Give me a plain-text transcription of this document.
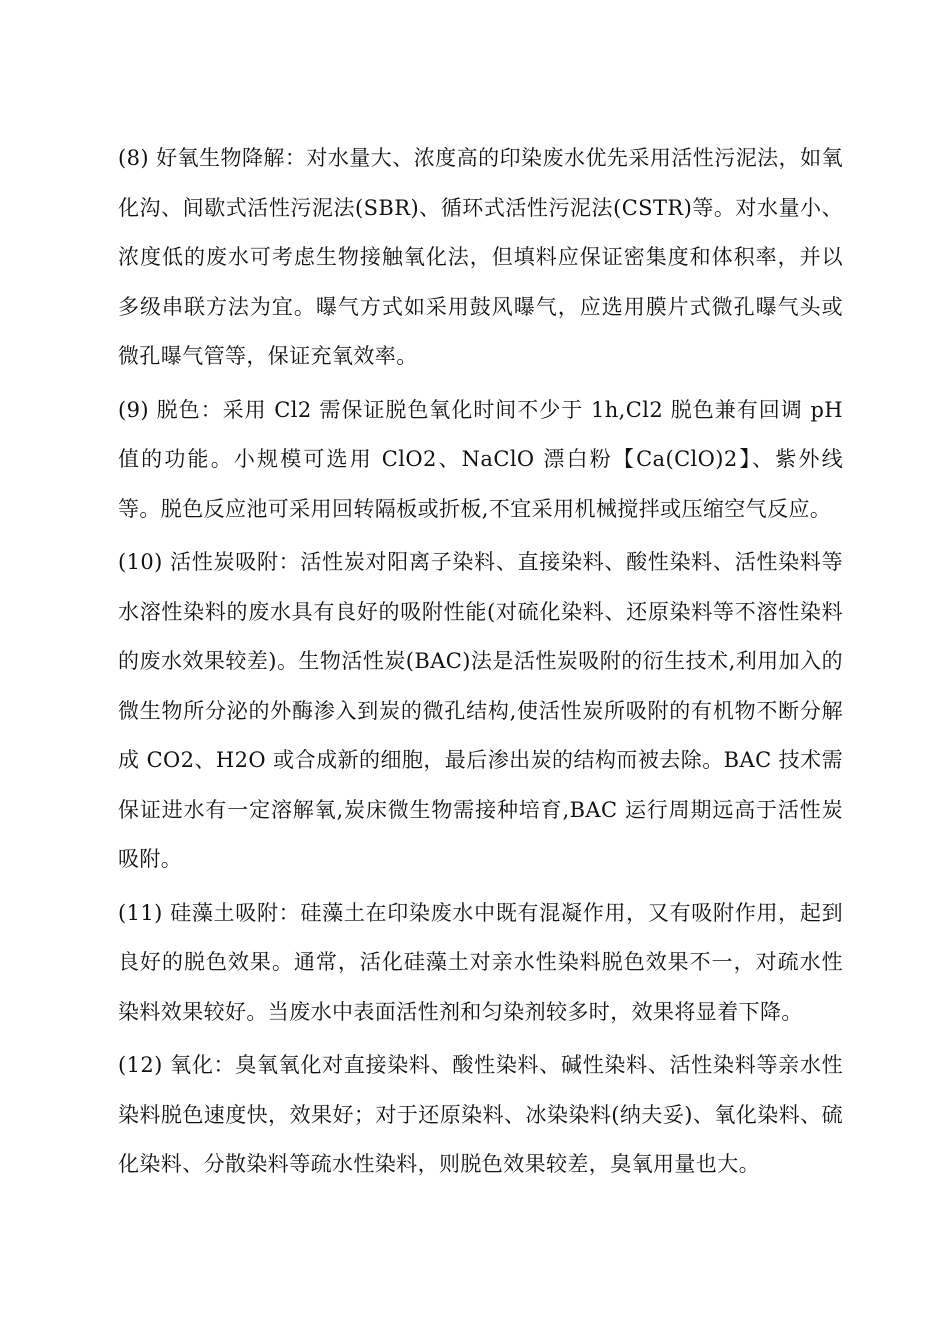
(8) 好氧生物降解：对水量大、浓度高的印染废水优先采用活性污泥法，如氧化沟、间歇式活性污泥法(SBR)、循环式活性污泥法(CSTR)等。对水量小、浓度低的废水可考虑生物接触氧化法，但填料应保证密集度和体积率，并以多级串联方法为宜。曝气方式如采用鼓风曝气，应选用膜片式微孔曝气头或微孔曝气管等，保证充氧效率。

(9) 脱色：采用 Cl2 需保证脱色氧化时间不少于 1h,Cl2 脱色兼有回调 pH 值的功能。小规模可选用 ClO2、NaClO 漂白粉【Ca(ClO)2】、紫外线等。脱色反应池可采用回转隔板或折板,不宜采用机械搅拌或压缩空气反应。

(10) 活性炭吸附：活性炭对阳离子染料、直接染料、酸性染料、活性染料等水溶性染料的废水具有良好的吸附性能(对硫化染料、还原染料等不溶性染料的废水效果较差)。生物活性炭(BAC)法是活性炭吸附的衍生技术,利用加入的微生物所分泌的外酶渗入到炭的微孔结构,使活性炭所吸附的有机物不断分解成 CO2、H2O 或合成新的细胞，最后渗出炭的结构而被去除。BAC 技术需保证进水有一定溶解氧,炭床微生物需接种培育,BAC 运行周期远高于活性炭吸附。

(11) 硅藻土吸附：硅藻土在印染废水中既有混凝作用，又有吸附作用，起到良好的脱色效果。通常，活化硅藻土对亲水性染料脱色效果不一，对疏水性染料效果较好。当废水中表面活性剂和匀染剂较多时，效果将显着下降。

(12) 氧化：臭氧氧化对直接染料、酸性染料、碱性染料、活性染料等亲水性染料脱色速度快，效果好；对于还原染料、冰染染料(纳夫妥)、氧化染料、硫化染料、分散染料等疏水性染料，则脱色效果较差，臭氧用量也大。
